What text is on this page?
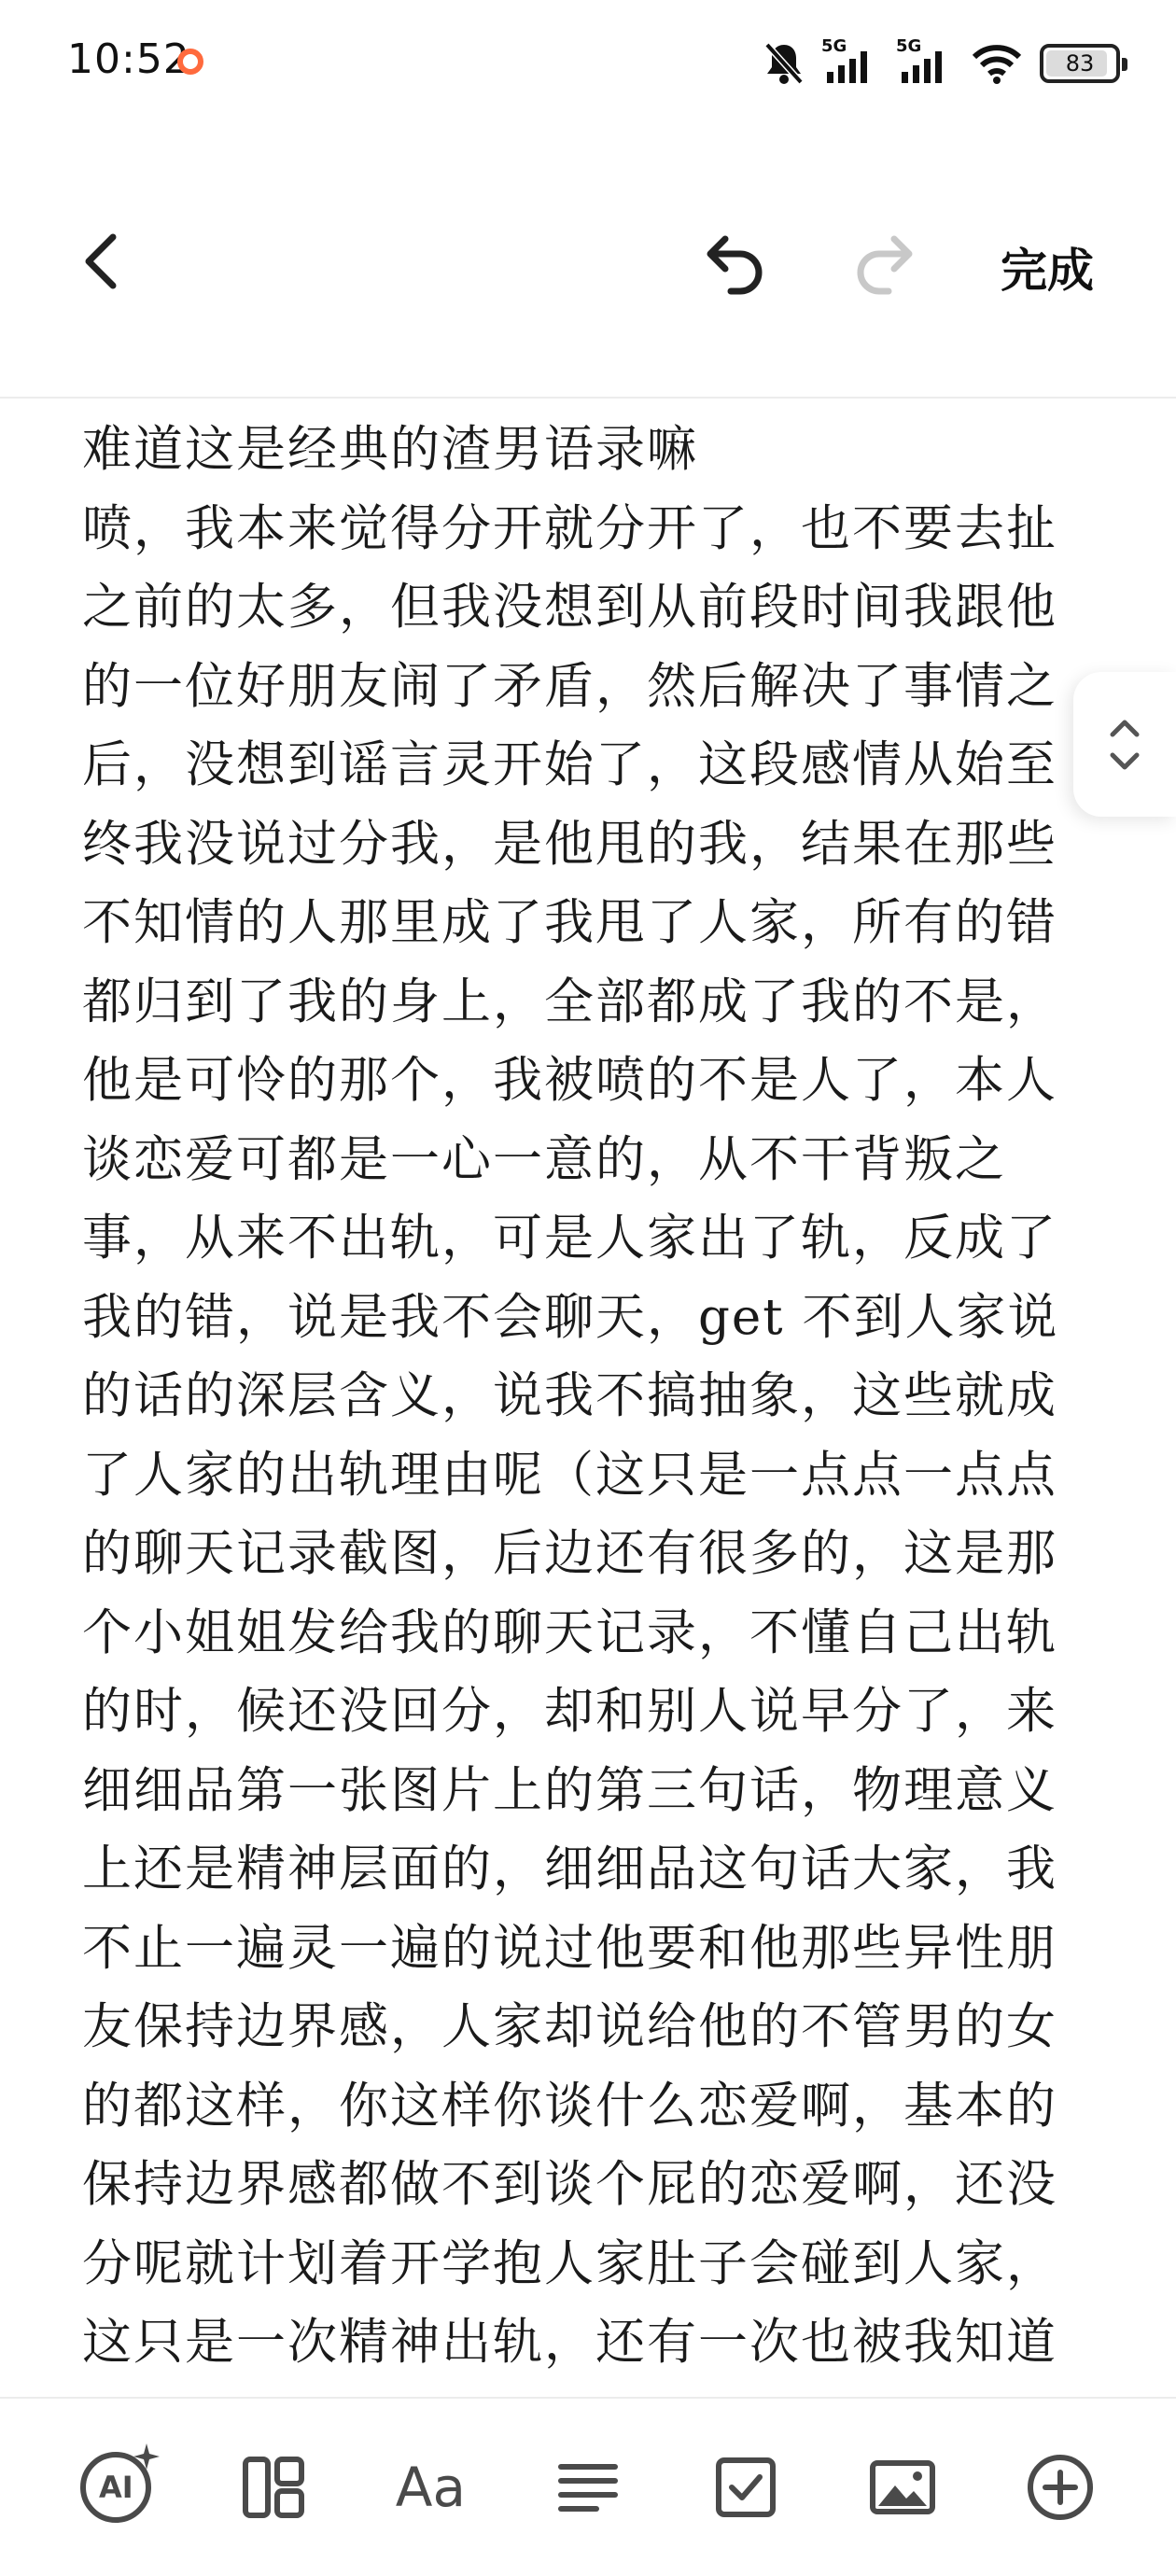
10:52	5G	5G
83
完成
难道这是经典的渣男语录嘛
喷，我本来觉得分开就分开了，也不要去扯
之前的太多，但我没想到从前段时间我跟他
的一位好朋友闹了矛盾，然后解决了事情之
后，没想到谣言灵开始了，这段感情从始至
终我没说过分我，是他甩的我，结果在那些
不知情的人那里成了我甩了人家，所有的错
都归到了我的身上，全部都成了我的不是，
他是可怜的那个，我被喷的不是人了，本人
谈恋爱可都是一心一意的，从不干背叛之
事，从来不出轨，可是人家出了轨，反成了
我的错，说是我不会聊天，get 不到人家说
的话的深层含义，说我不搞抽象，这些就成
了人家的出轨理由呢（这只是一点点一点点
的聊天记录截图，后边还有很多的，这是那
个小姐姐发给我的聊天记录，不懂自己出轨
的时，候还没回分，却和别人说早分了，来
细细品第一张图片上的第三句话，物理意义
上还是精神层面的，细细品这句话大家，我
不止一遍灵一遍的说过他要和他那些异性朋
友保持边界感，人家却说给他的不管男的女
的都这样，你这样你谈什么恋爱啊，基本的
保持边界感都做不到谈个屁的恋爱啊，还没
分呢就计划着开学抱人家肚子会碰到人家，
这只是一次精神出轨，还有一次也被我知道
AI	Aa
